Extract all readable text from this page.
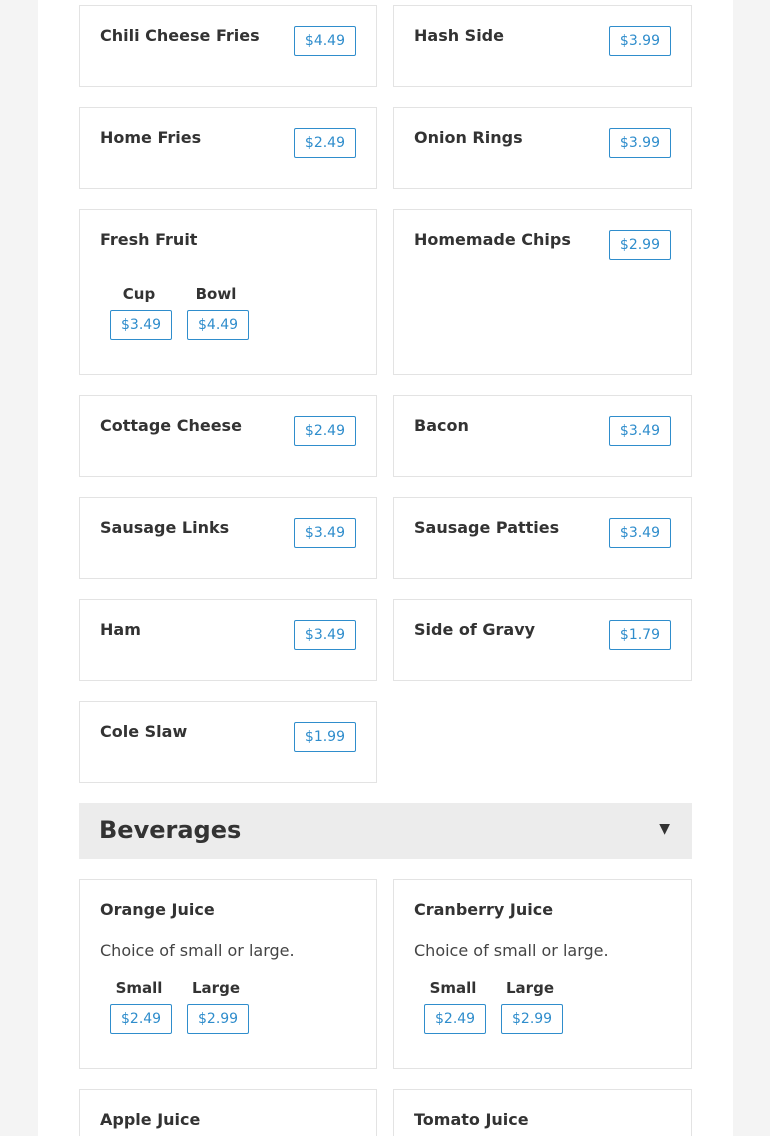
Chili Cheese Fries	$4.49	Hash Side	$3.99
Home Fries	$2.49	Onion Rings	$3.99
Fresh Fruit
Cup
$3.49
Bowl
$4.49
Homemade Chips	$2.99
Cottage Cheese	$2.49	Bacon	$3.49
Sausage Links	$3.49	Sausage Patties	$3.49
Ham	$3.49	Side of Gravy	$1.79
Cole Slaw	$1.99
Beverages	▼
Orange Juice
Choice of small or large.
Small
$2.49
Large
$2.99
Cranberry Juice
Choice of small or large.
Small
$2.49
Large
$2.99
Apple Juice	Tomato Juice
